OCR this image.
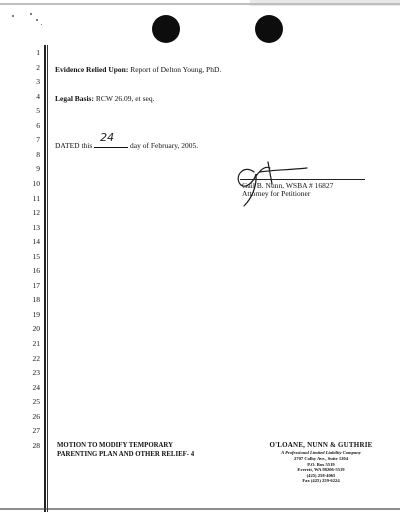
1
2
3
4
5
6
7
8
9
10
11
12
13
14
15
16
17
18
19
20
21
22
23
24
25
26
27
28
Evidence Relied Upon: Report of Delton Young, PhD.
Legal Basis: RCW 26.09, et seq.
DATED this
24
day of February, 2005.
Gail B. Nunn, WSBA # 16827
Attorney for Petitioner
MOTION TO MODIFY TEMPORARY
PARENTING PLAN AND OTHER RELIEF- 4
O'LOANE, NUNN & GUTHRIE
A Professional Limited Liability Company
2707 Colby Ave., Suite 1204
P.O. Box 5519
Everett, WA 98206-5519
(425) 258-4065
Fax (425) 259-6224
